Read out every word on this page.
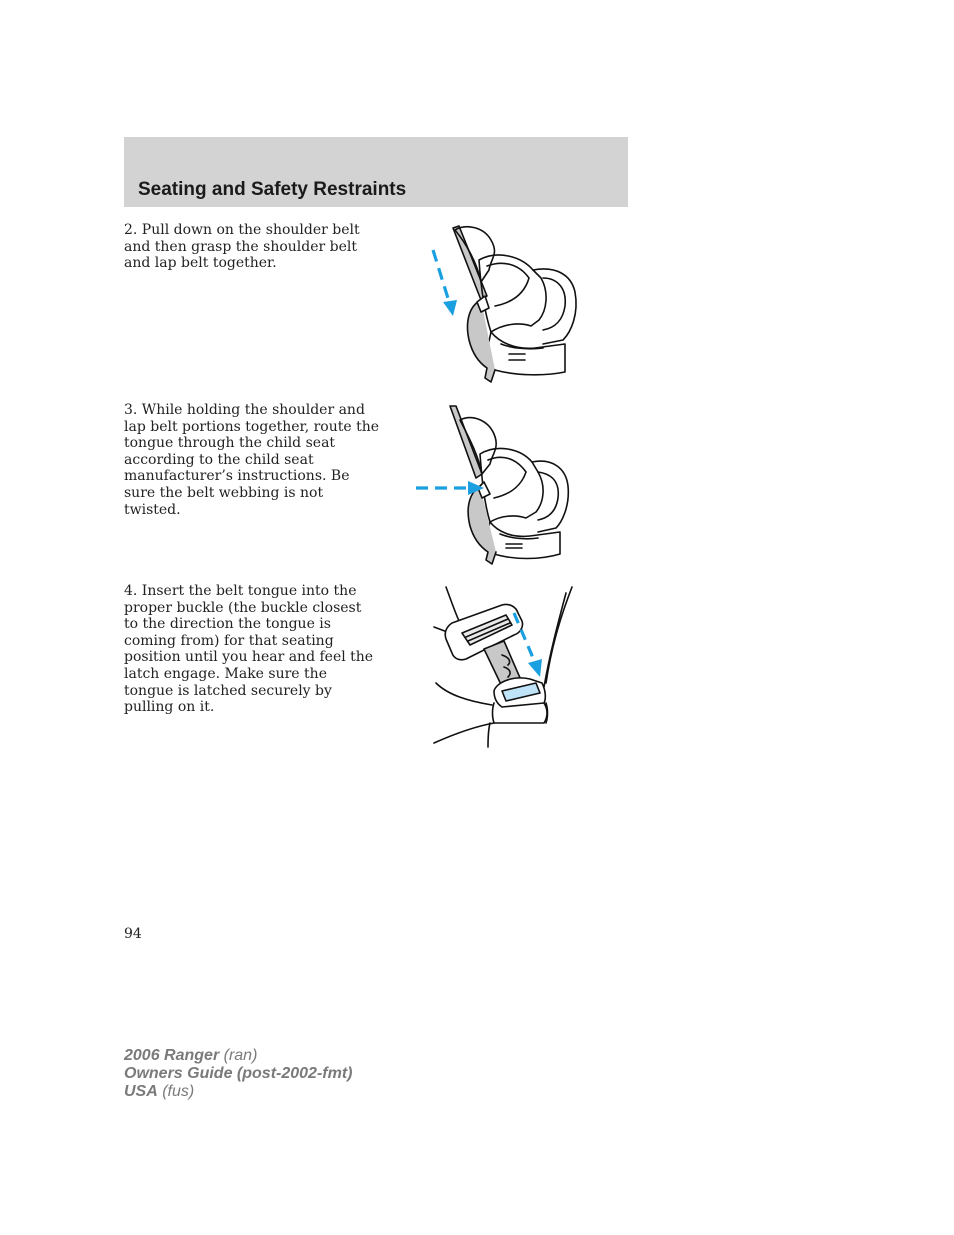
Seating and Safety Restraints

2. Pull down on the shoulder belt and then grasp the shoulder belt and lap belt together.

3. While holding the shoulder and lap belt portions together, route the tongue through the child seat according to the child seat manufacturer’s instructions. Be sure the belt webbing is not twisted.

4. Insert the belt tongue into the proper buckle (the buckle closest to the direction the tongue is coming from) for that seating position until you hear and feel the latch engage. Make sure the tongue is latched securely by pulling on it.

94
2006 Ranger (ran)
Owners Guide (post-2002-fmt)
USA (fus)
